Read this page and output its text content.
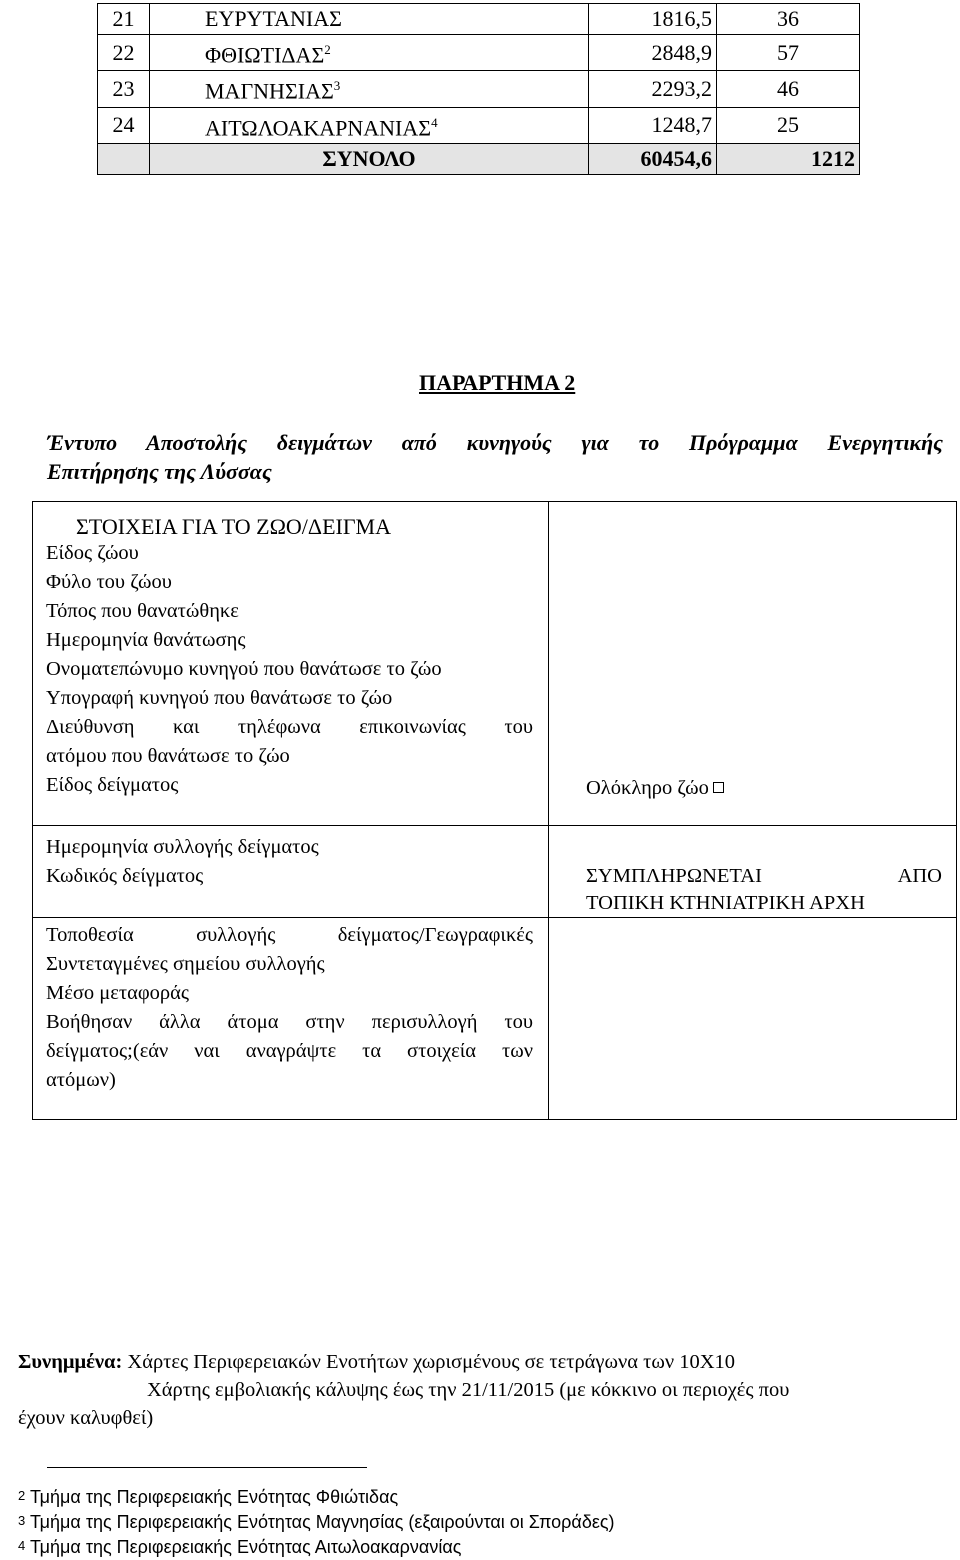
21	ΕΥΡΥΤΑΝΙΑΣ	1816,5	36
22	ΦΘΙΩΤΙΔΑΣ$^2$	2848,9	57
23	ΜΑΓΝΗΣΙΑΣ$^3$	2293,2	46
24	ΑΙΤΩΛΟΑΚΑΡΝΑΝΙΑΣ$^4$	1248,7	25
	ΣΥΝΟΛΟ	60454,6	1212
ΠΑΡΑΡΤΗΜΑ 2
Έντυπο Αποστολής δειγμάτων από κυνηγούς για το Πρόγραμμα Ενεργητικής
Επιτήρησης της Λύσσας
ΣΤΟΙΧΕΙΑ ΓΙΑ ΤΟ ΖΩΟ/ΔΕΙΓΜΑ
Είδος ζώου
Φύλο του ζώου
Τόπος που θανατώθηκε
Ημερομηνία θανάτωσης
Ονοματεπώνυμο κυνηγού που θανάτωσε το ζώο
Υπογραφή κυνηγού που θανάτωσε το ζώο
Διεύθυνση και τηλέφωνα επικοινωνίας του
ατόμου που θανάτωσε το ζώο
Είδος δείγματος	Ολόκληρο ζώο
Ημερομηνία συλλογής δείγματος
Κωδικός δείγματος	ΣΥΜΠΛΗΡΩΝΕΤΑΙ ΑΠΟ
ΤΟΠΙΚΗ ΚΤΗΝΙΑΤΡΙΚΗ ΑΡΧΗ
Τοποθεσία συλλογής δείγματος/Γεωγραφικές
Συντεταγμένες σημείου συλλογής
Μέσο μεταφοράς
Βοήθησαν άλλα άτομα στην περισυλλογή του
δείγματος;(εάν ναι αναγράψτε τα στοιχεία των
ατόμων)
Συνημμένα: Χάρτες Περιφερειακών Ενοτήτων χωρισμένους σε τετράγωνα των 10Χ10
Χάρτης εμβολιακής κάλυψης έως την 21/11/2015 (με κόκκινο οι περιοχές που
έχουν καλυφθεί)
2 Τμήμα της Περιφερειακής Ενότητας Φθιώτιδας
3 Τμήμα της Περιφερειακής Ενότητας Μαγνησίας (εξαιρούνται οι Σποράδες)
4 Τμήμα της Περιφερειακής Ενότητας Αιτωλοακαρνανίας
